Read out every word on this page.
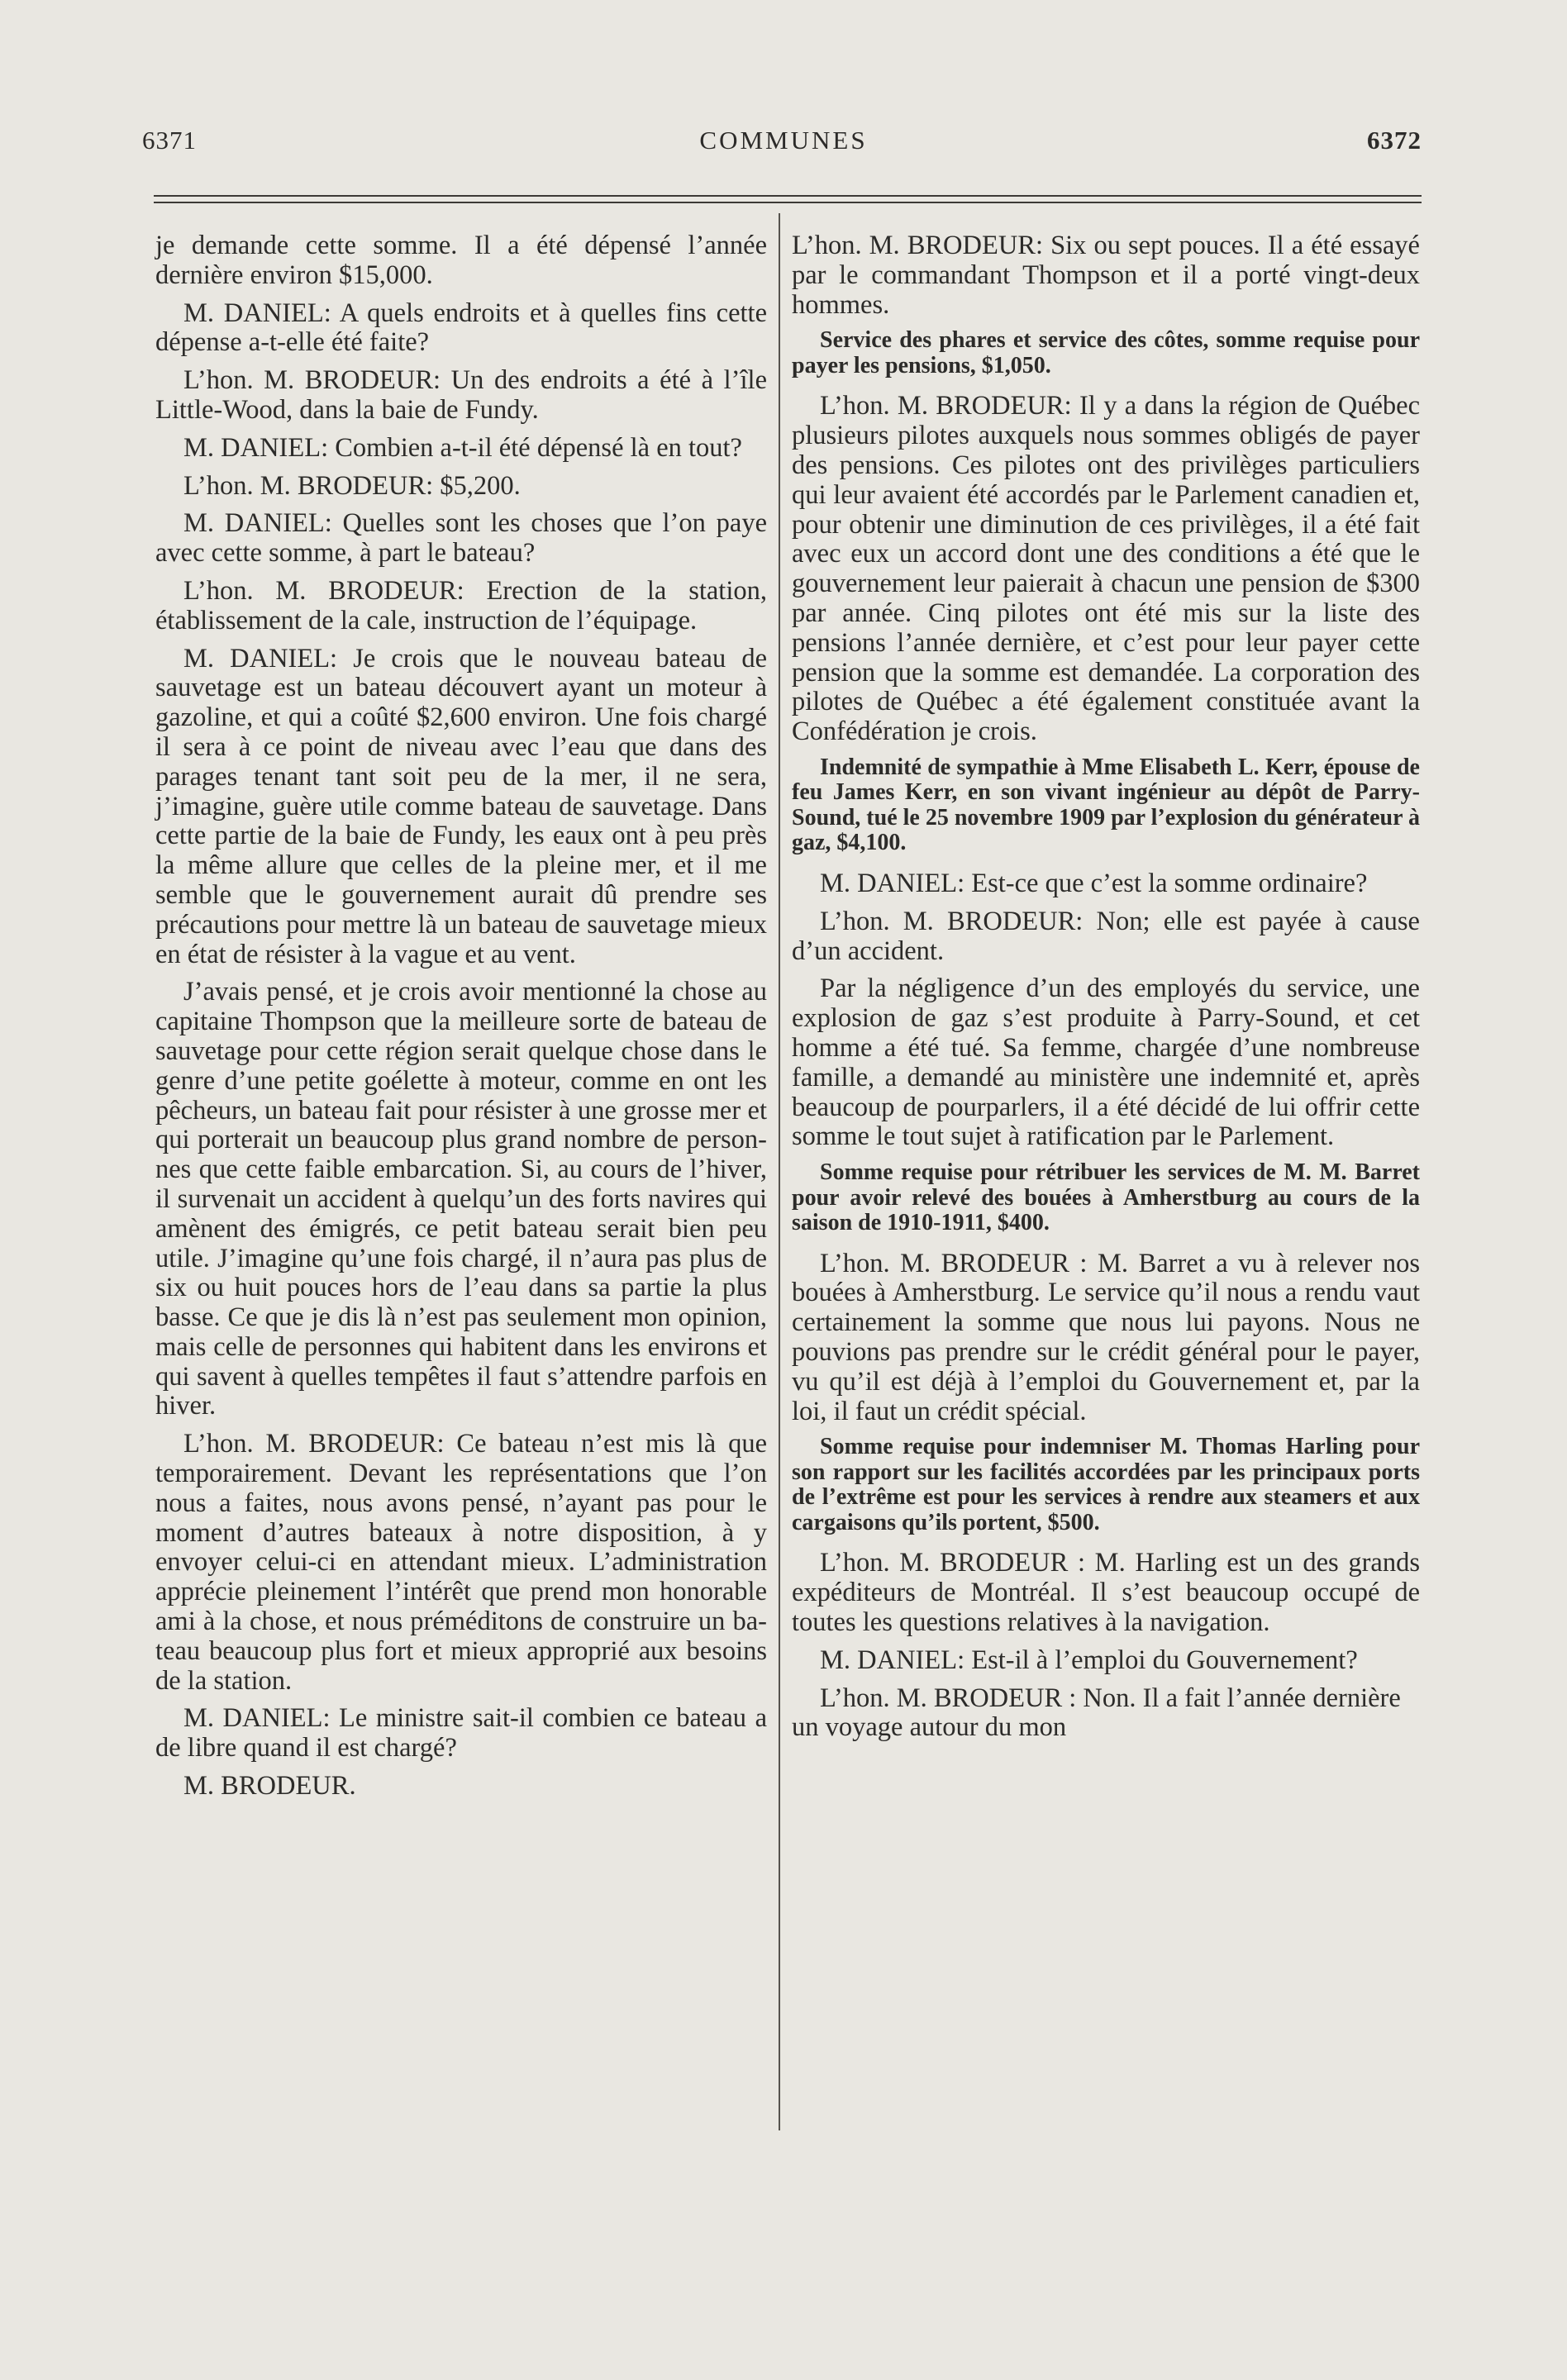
6371	COMMUNES	6372

je demande cette somme. Il a été dépensé l’année dernière environ $15,000.

M. DANIEL: A quels endroits et à quelles fins cette dépense a-t-elle été faite?

L’hon. M. BRODEUR: Un des endroits a été à l’île Little-Wood, dans la baie de Fundy.

M. DANIEL: Combien a-t-il été dépensé là en tout?

L’hon. M. BRODEUR: $5,200.

M. DANIEL: Quelles sont les choses que l’on paye avec cette somme, à part le bateau?

L’hon. M. BRODEUR: Erection de la station, établissement de la cale, instruction de l’équipage.

M. DANIEL: Je crois que le nouveau bateau de sauvetage est un bateau découvert ayant un moteur à gazoline, et qui a coûté $2,600 environ. Une fois chargé il sera à ce point de niveau avec l’eau que dans des parages tenant tant soit peu de la mer, il ne sera, j’imagine, guère utile comme bateau de sauvetage. Dans cette partie de la baie de Fundy, les eaux ont à peu près la même allure que celles de la pleine mer, et il me semble que le gouvernement aurait dû prendre ses précautions pour mettre là un bateau de sauvetage mieux en état de résister à la vague et au vent.

J’avais pensé, et je crois avoir mentionné la chose au capitaine Thompson que la meilleure sorte de bateau de sauvetage pour cette région serait quelque chose dans le genre d’une petite goélette à moteur, comme en ont les pêcheurs, un bateau fait pour résister à une grosse mer et qui porterait un beaucoup plus grand nombre de personnes que cette faible embarcation. Si, au cours de l’hiver, il survenait un accident à quelqu’un des forts navires qui amènent des émigrés, ce petit bateau serait bien peu utile. J’imagine qu’une fois chargé, il n’aura pas plus de six ou huit pouces hors de l’eau dans sa partie la plus basse. Ce que je dis là n’est pas seulement mon opinion, mais celle de personnes qui habitent dans les environs et qui savent à quelles tempêtes il faut s’attendre parfois en hiver.

L’hon. M. BRODEUR: Ce bateau n’est mis là que temporairement. Devant les représentations que l’on nous a faites, nous avons pensé, n’ayant pas pour le moment d’autres bateaux à notre disposition, à y envoyer celui-ci en attendant mieux. L’administration apprécie pleinement l’intérêt que prend mon honorable ami à la chose, et nous préméditons de construire un bateau beaucoup plus fort et mieux approprié aux besoins de la station.

M. DANIEL: Le ministre sait-il combien ce bateau a de libre quand il est chargé?

M. BRODEUR.

L’hon. M. BRODEUR: Six ou sept pouces. Il a été essayé par le commandant Thompson et il a porté vingt-deux hommes.

Service des phares et service des côtes, somme requise pour payer les pensions, $1,050.

L’hon. M. BRODEUR: Il y a dans la région de Québec plusieurs pilotes auxquels nous sommes obligés de payer des pensions. Ces pilotes ont des privilèges particuliers qui leur avaient été accordés par le Parlement canadien et, pour obtenir une diminution de ces privilèges, il a été fait avec eux un accord dont une des conditions a été que le gouvernement leur paierait à chacun une pension de $300 par année. Cinq pilotes ont été mis sur la liste des pensions l’année dernière, et c’est pour leur payer cette pension que la somme est demandée. La corporation des pilotes de Québec a été également constituée avant la Confédération je crois.

Indemnité de sympathie à Mme Elisabeth L. Kerr, épouse de feu James Kerr, en son vivant ingénieur au dépôt de Parry-Sound, tué le 25 novembre 1909 par l’explosion du générateur à gaz, $4,100.

M. DANIEL: Est-ce que c’est la somme ordinaire?

L’hon. M. BRODEUR: Non; elle est payée à cause d’un accident.

Par la négligence d’un des employés du service, une explosion de gaz s’est produite à Parry-Sound, et cet homme a été tué. Sa femme, chargée d’une nombreuse famille, a demandé au ministère une indemnité et, après beaucoup de pourparlers, il a été décidé de lui offrir cette somme le tout sujet à ratification par le Parlement.

Somme requise pour rétribuer les services de M. M. Barret pour avoir relevé des bouées à Amherstburg au cours de la saison de 1910-1911, $400.

L’hon. M. BRODEUR : M. Barret a vu à relever nos bouées à Amherstburg. Le service qu’il nous a rendu vaut certainement la somme que nous lui payons. Nous ne pouvions pas prendre sur le crédit général pour le payer, vu qu’il est déjà à l’emploi du Gouvernement et, par la loi, il faut un crédit spécial.

Somme requise pour indemniser M. Thomas Harling pour son rapport sur les facilités accordées par les principaux ports de l’extrême est pour les services à rendre aux steamers et aux cargaisons qu’ils portent, $500.

L’hon. M. BRODEUR : M. Harling est un des grands expéditeurs de Montréal. Il s’est beaucoup occupé de toutes les questions relatives à la navigation.

M. DANIEL: Est-il à l’emploi du Gouvernement?

L’hon. M. BRODEUR : Non. Il a fait l’année dernière un voyage autour du mon
